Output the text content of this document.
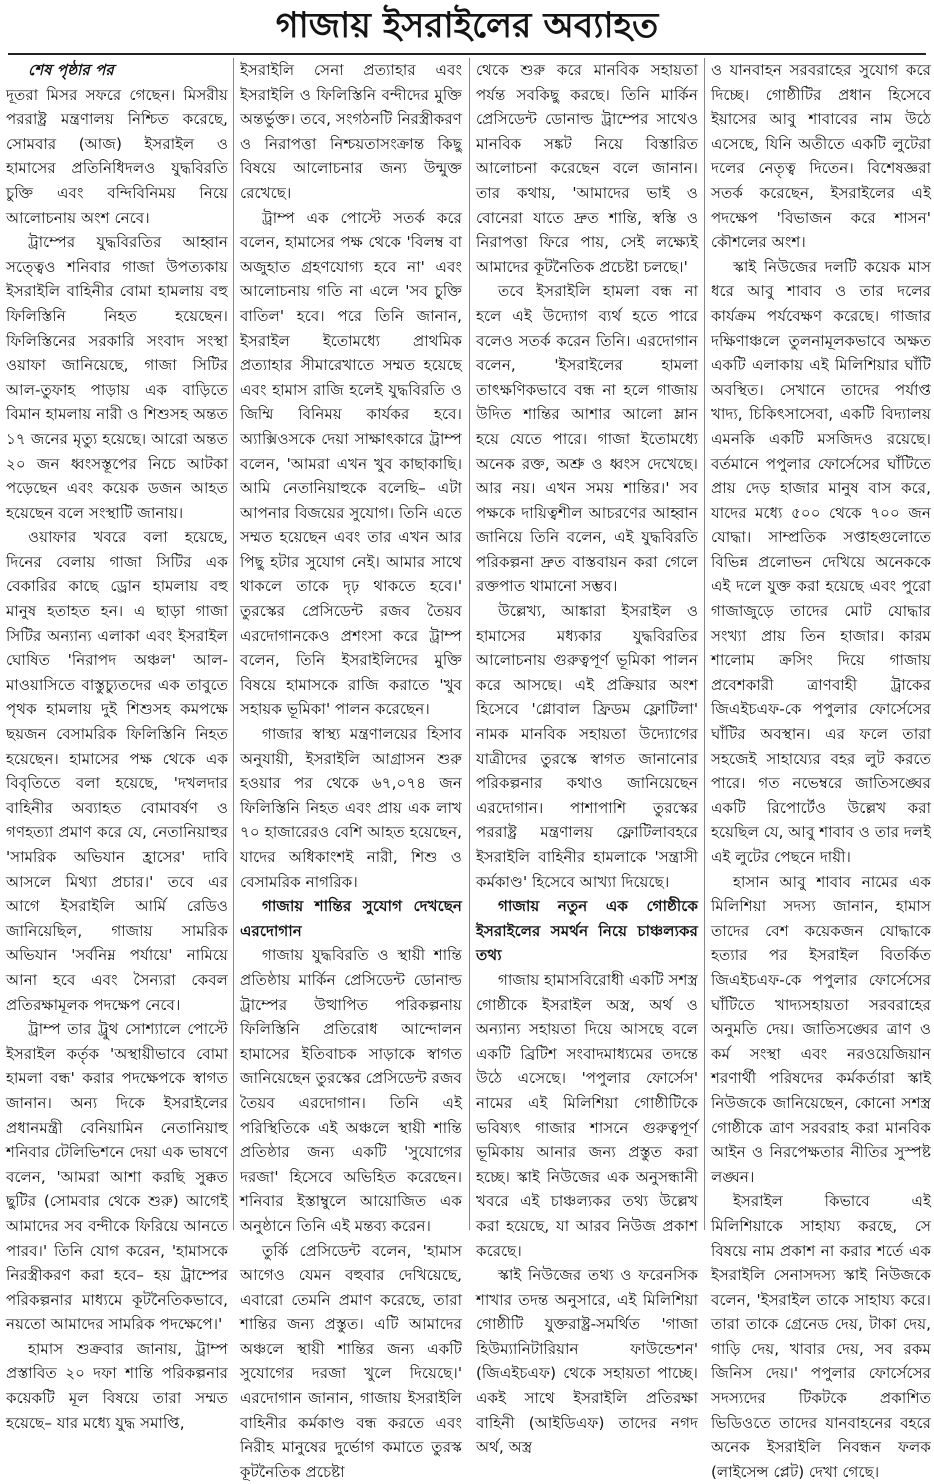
গাজায় ইসরাইলের অব্যাহত

শেষ পৃষ্ঠার পর

দূতরা মিসর সফরে গেছেন। মিসরীয় পররাষ্ট্র মন্ত্রণালয় নিশ্চিত করেছে, সোমবার (আজ) ইসরাইল ও হামাসের প্রতিনিধিদলও যুদ্ধবিরতি চুক্তি এবং বন্দিবিনিময় নিয়ে আলোচনায় অংশ নেবে।

ট্রাম্পের যুদ্ধবিরতির আহ্বান সত্ত্বেও শনিবার গাজা উপত্যকায় ইসরাইলি বাহিনীর বোমা হামলায় বহু ফিলিস্তিনি নিহত হয়েছেন। ফিলিস্তিনের সরকারি সংবাদ সংস্থা ওয়াফা জানিয়েছে, গাজা সিটির আল-তুফাহ পাড়ায় এক বাড়িতে বিমান হামলায় নারী ও শিশুসহ অন্তত ১৭ জনের মৃত্যু হয়েছে। আরো অন্তত ২০ জন ধ্বংসস্তূপের নিচে আটকা পড়েছেন এবং কয়েক ডজন আহত হয়েছেন বলে সংস্থাটি জানায়।

ওয়াফার খবরে বলা হয়েছে, দিনের বেলায় গাজা সিটির এক বেকারির কাছে ড্রোন হামলায় বহু মানুষ হতাহত হন। এ ছাড়া গাজা সিটির অন্যান্য এলাকা এবং ইসরাইল ঘোষিত 'নিরাপদ অঞ্চল' আল-মাওয়াসিতে বাস্তুচ্যুতদের এক তাবুতে পৃথক হামলায় দুই শিশুসহ কমপক্ষে ছয়জন বেসামরিক ফিলিস্তিনি নিহত হয়েছেন। হামাসের পক্ষ থেকে এক বিবৃতিতে বলা হয়েছে, 'দখলদার বাহিনীর অব্যাহত বোমাবর্ষণ ও গণহত্যা প্রমাণ করে যে, নেতানিয়াহুর 'সামরিক অভিযান হ্রাসের' দাবি আসলে মিথ্যা প্রচার।' তবে এর আগে ইসরাইলি আর্মি রেডিও জানিয়েছিল, গাজায় সামরিক অভিযান 'সর্বনিম্ন পর্যায়ে' নামিয়ে আনা হবে এবং সৈন্যরা কেবল প্রতিরক্ষামূলক পদক্ষেপ নেবে।

ট্রাম্প তার ট্রুথ সোশ্যালে পোস্টে ইসরাইল কর্তৃক 'অস্থায়ীভাবে বোমা হামলা বন্ধ' করার পদক্ষেপকে স্বাগত জানান। অন্য দিকে ইসরাইলের প্রধানমন্ত্রী বেনিয়ামিন নেতানিয়াহু শনিবার টেলিভিশনে দেয়া এক ভাষণে বলেন, 'আমরা আশা করছি সুক্কত ছুটির (সোমবার থেকে শুরু) আগেই আমাদের সব বন্দীকে ফিরিয়ে আনতে পারব।' তিনি যোগ করেন, 'হামাসকে নিরস্ত্রীকরণ করা হবে– হয় ট্রাম্পের পরিকল্পনার মাধ্যমে কূটনৈতিকভাবে, নয়তো আমাদের সামরিক পদক্ষেপে।'

হামাস শুক্রবার জানায়, ট্রাম্প প্রস্তাবিত ২০ দফা শান্তি পরিকল্পনার কয়েকটি মূল বিষয়ে তারা সম্মত হয়েছে– যার মধ্যে যুদ্ধ সমাপ্তি,

ইসরাইলি সেনা প্রত্যাহার এবং ইসরাইলি ও ফিলিস্তিনি বন্দীদের মুক্তি অন্তর্ভুক্ত। তবে, সংগঠনটি নিরস্ত্রীকরণ ও নিরাপত্তা নিশ্চয়তাসংক্রান্ত কিছু বিষয়ে আলোচনার জন্য উন্মুক্ত রেখেছে।

ট্রাম্প এক পোস্টে সতর্ক করে বলেন, হামাসের পক্ষ থেকে 'বিলম্ব বা অজুহাত গ্রহণযোগ্য হবে না' এবং আলোচনায় গতি না এলে 'সব চুক্তি বাতিল' হবে। পরে তিনি জানান, ইসরাইল ইতোমধ্যে প্রাথমিক প্রত্যাহার সীমারেখাতে সম্মত হয়েছে এবং হামাস রাজি হলেই যুদ্ধবিরতি ও জিম্মি বিনিময় কার্যকর হবে। অ্যাক্সিওসকে দেয়া সাক্ষাৎকারে ট্রাম্প বলেন, 'আমরা এখন খুব কাছাকাছি। আমি নেতানিয়াহুকে বলেছি– এটা আপনার বিজয়ের সুযোগ। তিনি এতে সম্মত হয়েছেন এবং তার এখন আর পিছু হটার সুযোগ নেই। আমার সাথে থাকলে তাকে দৃঢ় থাকতে হবে।' তুরস্কের প্রেসিডেন্ট রজব তৈয়ব এরদোগানকেও প্রশংসা করে ট্রাম্প বলেন, তিনি ইসরাইলিদের মুক্তি বিষয়ে হামাসকে রাজি করাতে 'খুব সহায়ক ভূমিকা' পালন করেছেন।

গাজার স্বাস্থ্য মন্ত্রণালয়ের হিসাব অনুযায়ী, ইসরাইলি আগ্রাসন শুরু হওয়ার পর থেকে ৬৭,০৭৪ জন ফিলিস্তিনি নিহত এবং প্রায় এক লাখ ৭০ হাজারেরও বেশি আহত হয়েছেন, যাদের অধিকাংশই নারী, শিশু ও বেসামরিক নাগরিক।

গাজায় শান্তির সুযোগ দেখছেন এরদোগান

গাজায় যুদ্ধবিরতি ও স্থায়ী শান্তি প্রতিষ্ঠায় মার্কিন প্রেসিডেন্ট ডোনাল্ড ট্রাম্পের উত্থাপিত পরিকল্পনায় ফিলিস্তিনি প্রতিরোধ আন্দোলন হামাসের ইতিবাচক সাড়াকে স্বাগত জানিয়েছেন তুরস্কের প্রেসিডেন্ট রজব তৈয়ব এরদোগান। তিনি এই পরিস্থিতিকে এই অঞ্চলে স্থায়ী শান্তি প্রতিষ্ঠার জন্য একটি 'সুযোগের দরজা' হিসেবে অভিহিত করেছেন। শনিবার ইস্তাম্বুলে আয়োজিত এক অনুষ্ঠানে তিনি এই মন্তব্য করেন।

তুর্কি প্রেসিডেন্ট বলেন, 'হামাস আগেও যেমন বহুবার দেখিয়েছে, এবারো তেমনি প্রমাণ করেছে, তারা শান্তির জন্য প্রস্তুত। এটি আমাদের অঞ্চলে স্থায়ী শান্তির জন্য একটি সুযোগের দরজা খুলে দিয়েছে।' এরদোগান জানান, গাজায় ইসরাইলি বাহিনীর কর্মকাণ্ড বন্ধ করতে এবং নিরীহ মানুষের দুর্ভোগ কমাতে তুরস্ক কূটনৈতিক প্রচেষ্টা

থেকে শুরু করে মানবিক সহায়তা পর্যন্ত সবকিছু করছে। তিনি মার্কিন প্রেসিডেন্ট ডোনাল্ড ট্রাম্পের সাথেও মানবিক সঙ্কট নিয়ে বিস্তারিত আলোচনা করেছেন বলে জানান। তার কথায়, 'আমাদের ভাই ও বোনেরা যাতে দ্রুত শান্তি, স্বস্তি ও নিরাপত্তা ফিরে পায়, সেই লক্ষ্যেই আমাদের কূটনৈতিক প্রচেষ্টা চলছে।'

তবে ইসরাইলি হামলা বন্ধ না হলে এই উদ্যোগ ব্যর্থ হতে পারে বলেও সতর্ক করেন তিনি। এরদোগান বলেন, 'ইসরাইলের হামলা তাৎক্ষণিকভাবে বন্ধ না হলে গাজায় উদিত শান্তির আশার আলো ম্লান হয়ে যেতে পারে। গাজা ইতোমধ্যে অনেক রক্ত, অশ্রু ও ধ্বংস দেখেছে। আর নয়। এখন সময় শান্তির।' সব পক্ষকে দায়িত্বশীল আচরণের আহ্বান জানিয়ে তিনি বলেন, এই যুদ্ধবিরতি পরিকল্পনা দ্রুত বাস্তবায়ন করা গেলে রক্তপাত থামানো সম্ভব।

উল্লেখ্য, আঙ্কারা ইসরাইল ও হামাসের মধ্যকার যুদ্ধবিরতির আলোচনায় গুরুত্বপূর্ণ ভূমিকা পালন করে আসছে। এই প্রক্রিয়ার অংশ হিসেবে 'গ্লোবাল ফ্রিডম ফ্লোটিলা' নামক মানবিক সহায়তা উদ্যোগের যাত্রীদের তুরস্কে স্বাগত জানানোর পরিকল্পনার কথাও জানিয়েছেন এরদোগান। পাশাপাশি তুরস্কের পররাষ্ট্র মন্ত্রণালয় ফ্লোটিলাবহরে ইসরাইলি বাহিনীর হামলাকে 'সন্ত্রাসী কর্মকাণ্ড' হিসেবে আখ্যা দিয়েছে।

গাজায় নতুন এক গোষ্ঠীকে ইসরাইলের সমর্থন নিয়ে চাঞ্চল্যকর তথ্য

গাজায় হামাসবিরোধী একটি সশস্ত্র গোষ্ঠীকে ইসরাইল অস্ত্র, অর্থ ও অন্যান্য সহায়তা দিয়ে আসছে বলে একটি ব্রিটিশ সংবাদমাধ্যমের তদন্তে উঠে এসেছে। 'পপুলার ফোর্সেস' নামের এই মিলিশিয়া গোষ্ঠীটিকে ভবিষ্যৎ গাজার শাসনে গুরুত্বপূর্ণ ভূমিকায় আনার জন্য প্রস্তুত করা হচ্ছে। স্কাই নিউজের এক অনুসন্ধানী খবরে এই চাঞ্চল্যকর তথ্য উল্লেখ করা হয়েছে, যা আরব নিউজ প্রকাশ করেছে।

স্কাই নিউজের তথ্য ও ফরেনসিক শাখার তদন্ত অনুসারে, এই মিলিশিয়া গোষ্ঠীটি যুক্তরাষ্ট্র-সমর্থিত 'গাজা হিউম্যানিটারিয়ান ফাউন্ডেশন' (জিএইচএফ) থেকে সহায়তা পাচ্ছে। একই সাথে ইসরাইলি প্রতিরক্ষা বাহিনী (আইডিএফ) তাদের নগদ অর্থ, অস্ত্র

ও যানবাহন সরবরাহের সুযোগ করে দিচ্ছে। গোষ্ঠীটির প্রধান হিসেবে ইয়াসের আবু শাবাবের নাম উঠে এসেছে, যিনি অতীতে একটি লুটেরা দলের নেতৃত্ব দিতেন। বিশেষজ্ঞরা সতর্ক করেছেন, ইসরাইলের এই পদক্ষেপ 'বিভাজন করে শাসন' কৌশলের অংশ।

স্কাই নিউজের দলটি কয়েক মাস ধরে আবু শাবাব ও তার দলের কার্যক্রম পর্যবেক্ষণ করেছে। গাজার দক্ষিণাঞ্চলে তুলনামূলকভাবে অক্ষত একটি এলাকায় এই মিলিশিয়ার ঘাঁটি অবস্থিত। সেখানে তাদের পর্যাপ্ত খাদ্য, চিকিৎসাসেবা, একটি বিদ্যালয় এমনকি একটি মসজিদও রয়েছে। বর্তমানে পপুলার ফোর্সেসের ঘাঁটিতে প্রায় দেড় হাজার মানুষ বাস করে, যাদের মধ্যে ৫০০ থেকে ৭০০ জন যোদ্ধা। সাম্প্রতিক সপ্তাহগুলোতে বিভিন্ন প্রলোভন দেখিয়ে অনেককে এই দলে যুক্ত করা হয়েছে এবং পুরো গাজাজুড়ে তাদের মোট যোদ্ধার সংখ্যা প্রায় তিন হাজার। কারম শালোম ক্রসিং দিয়ে গাজায় প্রবেশকারী ত্রাণবাহী ট্রাকের জিএইচএফ-কে পপুলার ফোর্সেসের ঘাঁটির অবস্থান। এর ফলে তারা সহজেই সাহায্যের বহর লুট করতে পারে। গত নভেম্বরে জাতিসঙ্ঘের একটি রিপোর্টেও উল্লেখ করা হয়েছিল যে, আবু শাবাব ও তার দলই এই লুটের পেছনে দায়ী।

হাসান আবু শাবাব নামের এক মিলিশিয়া সদস্য জানান, হামাস তাদের বেশ কয়েকজন যোদ্ধাকে হত্যার পর ইসরাইল বিতর্কিত জিএইচএফ-কে পপুলার ফোর্সেসের ঘাঁটিতে খাদ্যসহায়তা সরবরাহের অনুমতি দেয়। জাতিসঙ্ঘের ত্রাণ ও কর্ম সংস্থা এবং নরওয়েজিয়ান শরণার্থী পরিষদের কর্মকর্তারা স্কাই নিউজকে জানিয়েছেন, কোনো সশস্ত্র গোষ্ঠীকে ত্রাণ সরবরাহ করা মানবিক আইন ও নিরপেক্ষতার নীতির সুস্পষ্ট লঙ্ঘন।

ইসরাইল কিভাবে এই মিলিশিয়াকে সাহায্য করছে, সে বিষয়ে নাম প্রকাশ না করার শর্তে এক ইসরাইলি সেনাসদস্য স্কাই নিউজকে বলেন, 'ইসরাইল তাকে সাহায্য করে। তারা তাকে গ্রেনেড দেয়, টাকা দেয়, গাড়ি দেয়, খাবার দেয়, সব রকম জিনিস দেয়।' পপুলার ফোর্সেসের সদস্যদের টিকটকে প্রকাশিত ভিডিওতে তাদের যানবাহনের বহরে অনেক ইসরাইলি নিবন্ধন ফলক (লাইসেন্স প্লেট) দেখা গেছে।
